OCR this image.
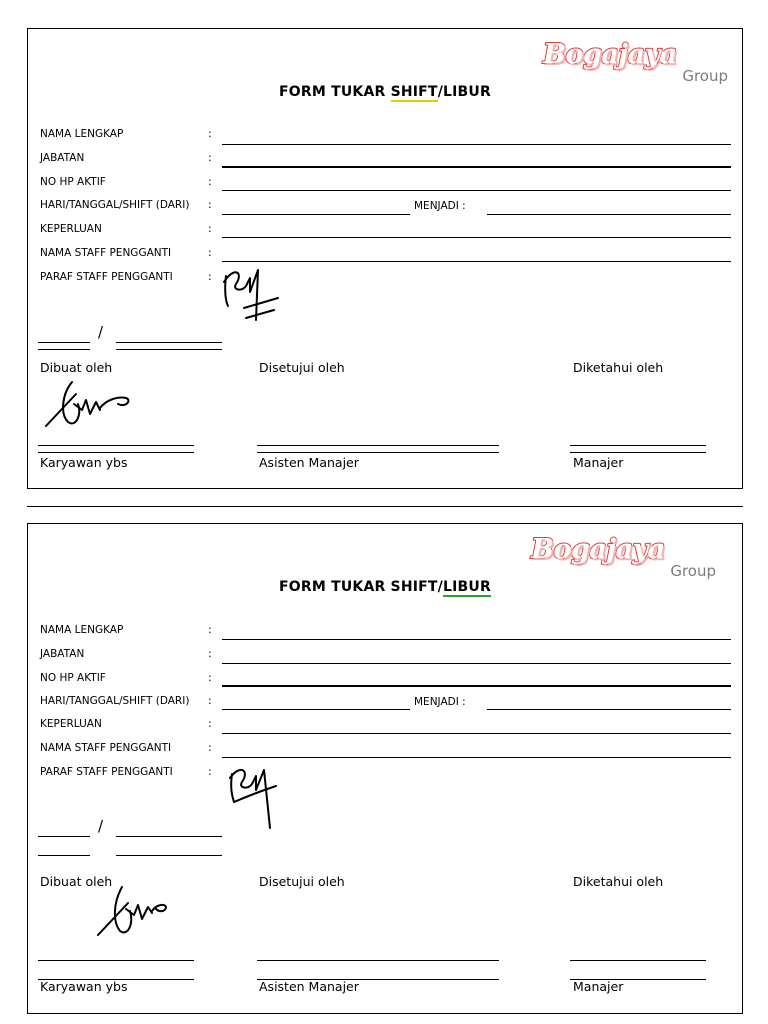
Bogajaya
Group
FORM TUKAR SHIFT/LIBUR
NAMA LENGKAP	:
JABATAN	:
NO HP AKTIF	:
HARI/TANGGAL/SHIFT (DARI) :	MENJADI :
KEPERLUAN	:
NAMA STAFF PENGGANTI	:
PARAF STAFF PENGGANTI	:
/
Dibuat oleh	Disetujui oleh	Diketahui oleh
Karyawan ybs	Asisten Manajer	Manajer
Bogajaya
Group
FORM TUKAR SHIFT/LIBUR
NAMA LENGKAP	:
JABATAN	:
NO HP AKTIF	:
HARI/TANGGAL/SHIFT (DARI) :	MENJADI :
KEPERLUAN	:
NAMA STAFF PENGGANTI	:
PARAF STAFF PENGGANTI	:
/
Dibuat oleh	Disetujui oleh	Diketahui oleh
Karyawan ybs	Asisten Manajer	Manajer
